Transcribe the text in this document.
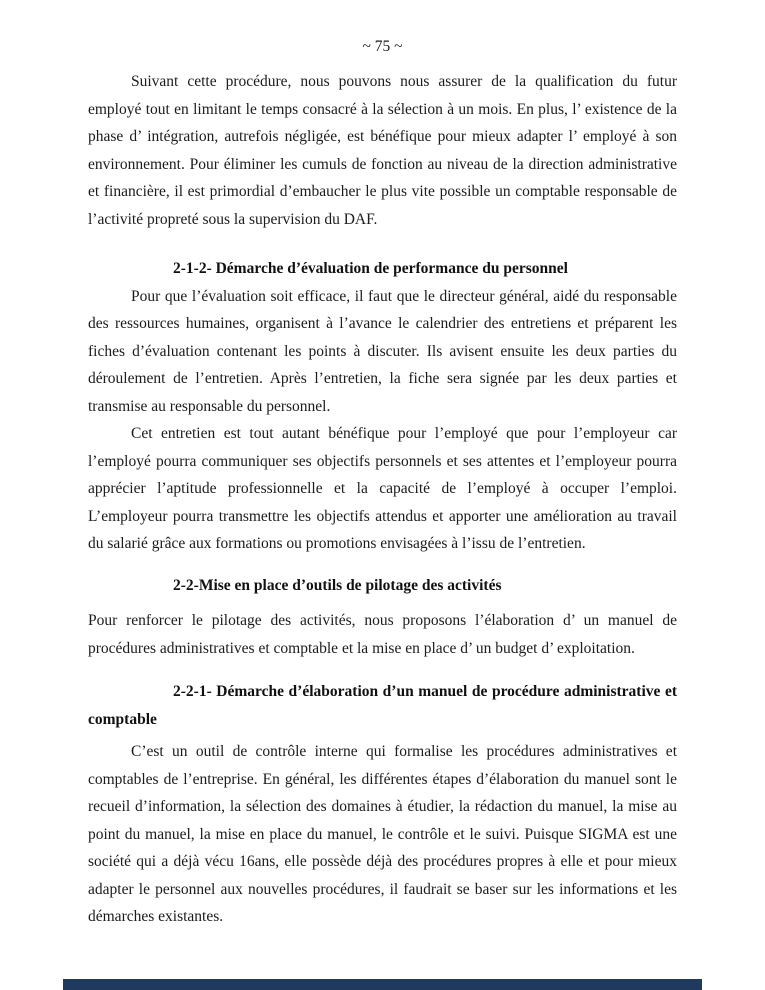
~ 75 ~

Suivant cette procédure, nous pouvons nous assurer de la qualification du futur employé tout en limitant le temps consacré à la sélection à un mois. En plus, l’ existence de la phase d’ intégration, autrefois négligée, est bénéfique pour mieux adapter l’ employé à son environnement. Pour éliminer les cumuls de fonction au niveau de la direction administrative et financière, il est primordial d’embaucher le plus vite possible un comptable responsable de l’activité propreté sous la supervision du DAF.

2-1-2- Démarche d’évaluation de performance du personnel

Pour que l’évaluation soit efficace, il faut que le directeur général, aidé du responsable des ressources humaines, organisent à l’avance le calendrier des entretiens et préparent les fiches d’évaluation contenant les points à discuter. Ils avisent ensuite les deux parties du déroulement de l’entretien. Après l’entretien, la fiche sera signée par les deux parties et transmise au responsable du personnel.

Cet entretien est tout autant bénéfique pour l’employé que pour l’employeur car l’employé pourra communiquer ses objectifs personnels et ses attentes et l’employeur pourra apprécier l’aptitude professionnelle et la capacité de l’employé à occuper l’emploi. L’employeur pourra transmettre les objectifs attendus et apporter une amélioration au travail du salarié grâce aux formations ou promotions envisagées à l’issu de l’entretien.

2-2-Mise en place d’outils de pilotage des activités

Pour renforcer le pilotage des activités, nous proposons l’élaboration d’ un manuel de procédures administratives et comptable et la mise en place d’ un budget d’ exploitation.

2-2-1- Démarche d’élaboration d’un manuel de procédure administrative et comptable

C’est un outil de contrôle interne qui formalise les procédures administratives et comptables de l’entreprise. En général, les différentes étapes d’élaboration du manuel sont le recueil d’information, la sélection des domaines à étudier, la rédaction du manuel, la mise au point du manuel, la mise en place du manuel, le contrôle et le suivi. Puisque SIGMA est une société qui a déjà vécu 16ans, elle possède déjà des procédures propres à elle et pour mieux adapter le personnel aux nouvelles procédures, il faudrait se baser sur les informations et les démarches existantes.
